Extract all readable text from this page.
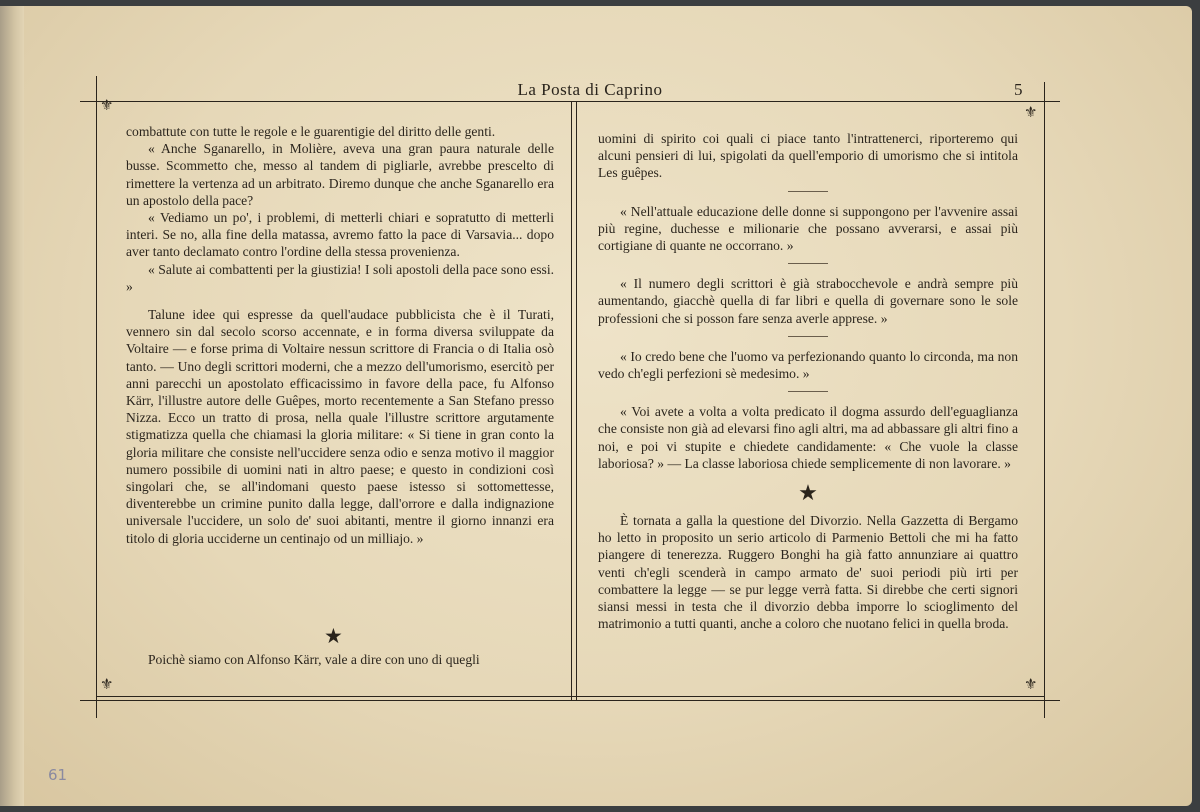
La Posta di Caprino	5
⚜	⚜
⚜	⚜

combattute con tutte le regole e le guarentigie del diritto delle genti.

« Anche Sganarello, in Molière, aveva una gran paura naturale delle busse. Scommetto che, messo al tandem di pigliarle, avrebbe prescelto di rimettere la vertenza ad un arbitrato. Diremo dunque che anche Sganarello era un apostolo della pace?

« Vediamo un po', i problemi, di metterli chiari e sopratutto di metterli interi. Se no, alla fine della matassa, avremo fatto la pace di Varsavia... dopo aver tanto declamato contro l'ordine della stessa provenienza.

« Salute ai combattenti per la giustizia! I soli apostoli della pace sono essi. »

Talune idee qui espresse da quell'audace pubblicista che è il Turati, vennero sin dal secolo scorso accennate, e in forma diversa sviluppate da Voltaire — e forse prima di Voltaire nessun scrittore di Francia o di Italia osò tanto. — Uno degli scrittori moderni, che a mezzo dell'umorismo, esercitò per anni parecchi un apostolato efficacissimo in favore della pace, fu Alfonso Kärr, l'illustre autore delle Guêpes, morto recentemente a San Stefano presso Nizza. Ecco un tratto di prosa, nella quale l'illustre scrittore argutamente stigmatizza quella che chiamasi la gloria militare: « Si tiene in gran conto la gloria militare che consiste nell'uccidere senza odio e senza motivo il maggior numero possibile di uomini nati in altro paese; e questo in condizioni così singolari che, se all'indomani questo paese istesso si sottomettesse, diventerebbe un crimine punito dalla legge, dall'orrore e dalla indignazione universale l'uccidere, un solo de' suoi abitanti, mentre il giorno innanzi era titolo di gloria ucciderne un centinajo od un milliajo. »

★
Poichè siamo con Alfonso Kärr, vale a dire con uno di quegli

uomini di spirito coi quali ci piace tanto l'intrattenerci, riporteremo qui alcuni pensieri di lui, spigolati da quell'emporio di umorismo che si intitola Les guêpes.

« Nell'attuale educazione delle donne si suppongono per l'avvenire assai più regine, duchesse e milionarie che possano avverarsi, e assai più cortigiane di quante ne occorrano. »

« Il numero degli scrittori è già strabocchevole e andrà sempre più aumentando, giacchè quella di far libri e quella di governare sono le sole professioni che si posson fare senza averle apprese. »

« Io credo bene che l'uomo va perfezionando quanto lo circonda, ma non vedo ch'egli perfezioni sè medesimo. »

« Voi avete a volta a volta predicato il dogma assurdo dell'eguaglianza che consiste non già ad elevarsi fino agli altri, ma ad abbassare gli altri fino a noi, e poi vi stupite e chiedete candidamente: « Che vuole la classe laboriosa? » — La classe laboriosa chiede semplicemente di non lavorare. »

★

È tornata a galla la questione del Divorzio. Nella Gazzetta di Bergamo ho letto in proposito un serio articolo di Parmenio Bettoli che mi ha fatto piangere di tenerezza. Ruggero Bonghi ha già fatto annunziare ai quattro venti ch'egli scenderà in campo armato de' suoi periodi più irti per combattere la legge — se pur legge verrà fatta. Si direbbe che certi signori siansi messi in testa che il divorzio debba imporre lo scioglimento del matrimonio a tutti quanti, anche a coloro che nuotano felici in quella broda.

61
